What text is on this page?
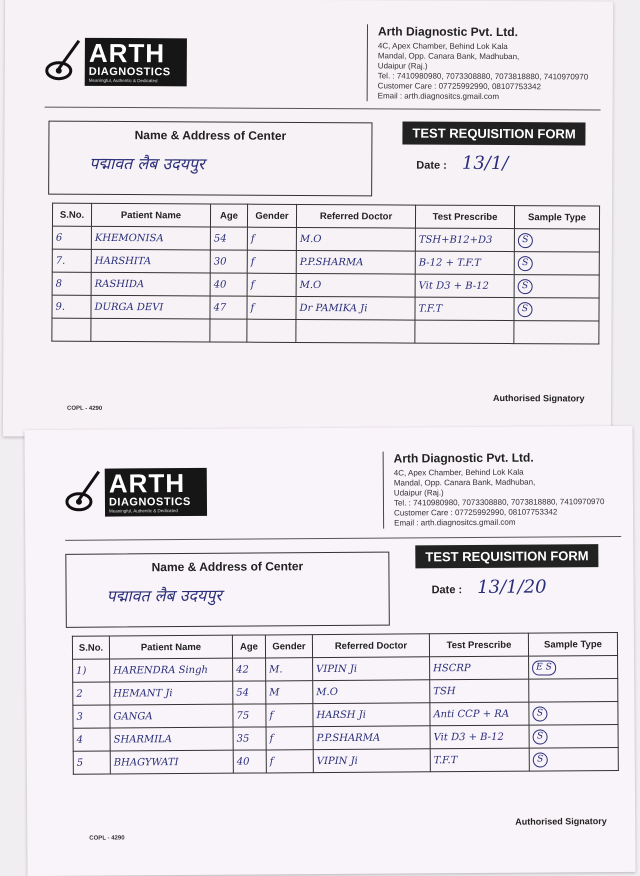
ARTH
DIAGNOSTICS
Meaningful, Authentic & Dedicated
Arth Diagnostic Pvt. Ltd.
4C, Apex Chamber, Behind Lok Kala
Mandal, Opp. Canara Bank, Madhuban,
Udaipur (Raj.)
Tel. : 7410980980, 7073308880, 7073818880, 7410970970
Customer Care : 07725992990, 08107753342
Email : arth.diagnositcs.gmail.com
Name & Address of Center
पद्मावत लैब उदयपुर
TEST REQUISITION FORM
Date : 13/1/
S.No.	Patient Name	Age	Gender	Referred Doctor	Test Prescribe	Sample Type
6	KHEMONISA	54	f	M.O	TSH+B12+D3	S
7.	HARSHITA	30	f	P.P.SHARMA	B-12 + T.F.T	S
8	RASHIDA	40	f	M.O	Vit D3 + B-12	S
9.	DURGA DEVI	47	f	Dr PAMIKA Ji	T.F.T	S

COPL - 4290
Authorised Signatory
ARTH
DIAGNOSTICS
Meaningful, Authentic & Dedicated
Arth Diagnostic Pvt. Ltd.
4C, Apex Chamber, Behind Lok Kala
Mandal, Opp. Canara Bank, Madhuban,
Udaipur (Raj.)
Tel. : 7410980980, 7073308880, 7073818880, 7410970970
Customer Care : 07725992990, 08107753342
Email : arth.diagnositcs.gmail.com
Name & Address of Center
पद्मावत लैब उदयपुर
TEST REQUISITION FORM
Date : 13/1/20
S.No.	Patient Name	Age	Gender	Referred Doctor	Test Prescribe	Sample Type
1)	HARENDRA Singh	42	M.	VIPIN Ji	HSCRP	E S
2	HEMANT Ji	54	M	M.O	TSH	
3	GANGA	75	f	HARSH Ji	Anti CCP + RA	S
4	SHARMILA	35	f	P.P.SHARMA	Vit D3 + B-12	S
5	BHAGYWATI	40	f	VIPIN Ji	T.F.T	S
COPL - 4290
Authorised Signatory
